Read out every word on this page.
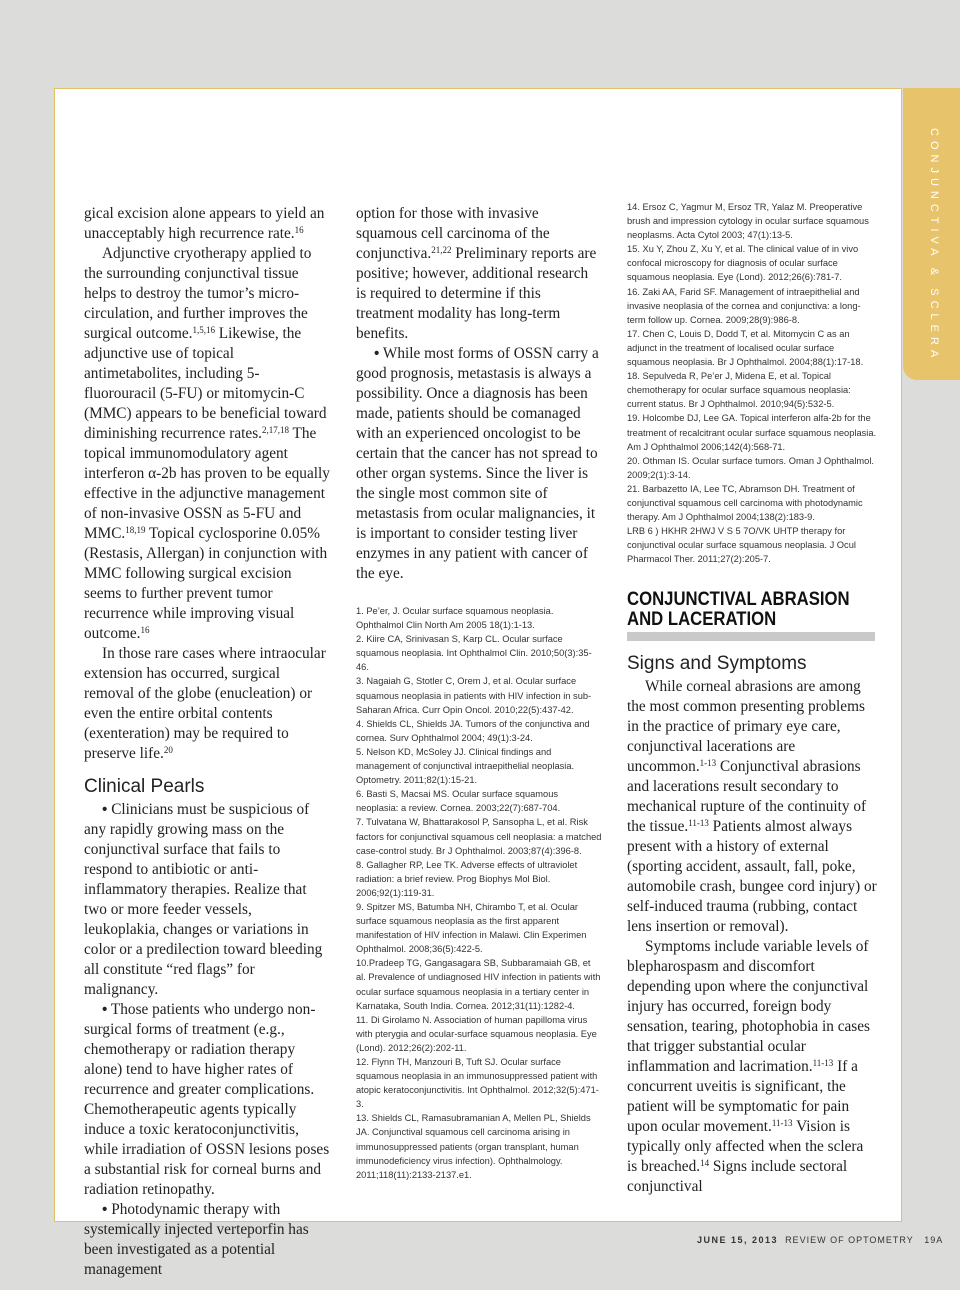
CONJUNCTIVA & SCLERA

gical excision alone appears to yield an unacceptably high recurrence rate.$^{16}$

Adjunctive cryotherapy applied to the surrounding conjunctival tissue helps to destroy the tumor’s micro-circulation, and further improves the surgical outcome.$^{1,5,16}$ Likewise, the adjunctive use of topical antimetabolites, including 5-fluorouracil (5-FU) or mitomycin-C (MMC) appears to be beneficial toward diminishing recurrence rates.$^{2,17,18}$ The topical immunomodulatory agent interferon α-2b has proven to be equally effective in the adjunctive management of non-invasive OSSN as 5-FU and MMC.$^{18,19}$ Topical cyclosporine 0.05% (Restasis, Allergan) in conjunction with MMC following surgical excision seems to further prevent tumor recurrence while improving visual outcome.$^{16}$

In those rare cases where intraocular extension has occurred, surgical removal of the globe (enucleation) or even the entire orbital contents (exenteration) may be required to preserve life.$^{20}$

Clinical Pearls

• Clinicians must be suspicious of any rapidly growing mass on the conjunctival surface that fails to respond to antibiotic or anti-inflammatory therapies. Realize that two or more feeder vessels, leukoplakia, changes or variations in color or a predilection toward bleeding all constitute “red flags” for malignancy.

• Those patients who undergo non-surgical forms of treatment (e.g., chemotherapy or radiation therapy alone) tend to have higher rates of recurrence and greater complications. Chemotherapeutic agents typically induce a toxic keratoconjunctivitis, while irradiation of OSSN lesions poses a substantial risk for corneal burns and radiation retinopathy.

• Photodynamic therapy with systemically injected verteporfin has been investigated as a potential management

option for those with invasive squamous cell carcinoma of the conjunctiva.$^{21,22}$ Preliminary reports are positive; however, additional research is required to determine if this treatment modality has long-term benefits.

• While most forms of OSSN carry a good prognosis, metastasis is always a possibility. Once a diagnosis has been made, patients should be comanaged with an experienced oncologist to be certain that the cancer has not spread to other organ systems. Since the liver is the single most common site of metastasis from ocular malignancies, it is important to consider testing liver enzymes in any patient with cancer of the eye.

1. Pe’er, J. Ocular surface squamous neoplasia. Ophthalmol Clin North Am 2005 18(1):1-13.

2. Kiire CA, Srinivasan S, Karp CL. Ocular surface squamous neoplasia. Int Ophthalmol Clin. 2010;50(3):35-46.

3. Nagaiah G, Stotler C, Orem J, et al. Ocular surface squamous neoplasia in patients with HIV infection in sub-Saharan Africa. Curr Opin Oncol. 2010;22(5):437-42.

4. Shields CL, Shields JA. Tumors of the conjunctiva and cornea. Surv Ophthalmol 2004; 49(1):3-24.

5. Nelson KD, McSoley JJ. Clinical findings and management of conjunctival intraepithelial neoplasia. Optometry. 2011;82(1):15-21.

6. Basti S, Macsai MS. Ocular surface squamous neoplasia: a review. Cornea. 2003;22(7):687-704.

7. Tulvatana W, Bhattarakosol P, Sansopha L, et al. Risk factors for conjunctival squamous cell neoplasia: a matched case-control study. Br J Ophthalmol. 2003;87(4):396-8.

8. Gallagher RP, Lee TK. Adverse effects of ultraviolet radiation: a brief review. Prog Biophys Mol Biol. 2006;92(1):119-31.

9. Spitzer MS, Batumba NH, Chirambo T, et al. Ocular surface squamous neoplasia as the first apparent manifestation of HIV infection in Malawi. Clin Experimen Ophthalmol. 2008;36(5):422-5.

10.Pradeep TG, Gangasagara SB, Subbaramaiah GB, et al. Prevalence of undiagnosed HIV infection in patients with ocular surface squamous neoplasia in a tertiary center in Karnataka, South India. Cornea. 2012;31(11):1282-4.

11. Di Girolamo N. Association of human papilloma virus with pterygia and ocular-surface squamous neoplasia. Eye (Lond). 2012;26(2):202-11.

12. Flynn TH, Manzouri B, Tuft SJ. Ocular surface squamous neoplasia in an immunosuppressed patient with atopic keratoconjunctivitis. Int Ophthalmol. 2012;32(5):471-3.

13. Shields CL, Ramasubramanian A, Mellen PL, Shields JA. Conjunctival squamous cell carcinoma arising in immunosuppressed patients (organ transplant, human immunodeficiency virus infection). Ophthalmology. 2011;118(11):2133-2137.e1.

14. Ersoz C, Yagmur M, Ersoz TR, Yalaz M. Preoperative brush and impression cytology in ocular surface squamous neoplasms. Acta Cytol 2003; 47(1):13-5.

15. Xu Y, Zhou Z, Xu Y, et al. The clinical value of in vivo confocal microscopy for diagnosis of ocular surface squamous neoplasia. Eye (Lond). 2012;26(6):781-7.

16. Zaki AA, Farid SF. Management of intraepithelial and invasive neoplasia of the cornea and conjunctiva: a long-term follow up. Cornea. 2009;28(9):986-8.

17. Chen C, Louis D, Dodd T, et al. Mitomycin C as an adjunct in the treatment of localised ocular surface squamous neoplasia. Br J Ophthalmol. 2004;88(1):17-18.

18. Sepulveda R, Pe’er J, Midena E, et al. Topical chemotherapy for ocular surface squamous neoplasia: current status. Br J Ophthalmol. 2010;94(5):532-5.

19. Holcombe DJ, Lee GA. Topical interferon alfa-2b for the treatment of recalcitrant ocular surface squamous neoplasia. Am J Ophthalmol 2006;142(4):568-71.

20. Othman IS. Ocular surface tumors. Oman J Ophthalmol. 2009;2(1):3-14.

21. Barbazetto IA, Lee TC, Abramson DH. Treatment of conjunctival squamous cell carcinoma with photodynamic therapy. Am J Ophthalmol 2004;138(2):183-9.

LRB 6 ) HKHR 2HWJ V S 5 7O/VK UHTP therapy for conjunctival ocular surface squamous neoplasia. J Ocul Pharmacol Ther. 2011;27(2):205-7.

CONJUNCTIVAL ABRASION
AND LACERATION
Signs and Symptoms

While corneal abrasions are among the most common presenting problems in the practice of primary eye care, conjunctival lacerations are uncommon.$^{1-13}$ Conjunctival abrasions and lacerations result secondary to mechanical rupture of the continuity of the tissue.$^{11-13}$ Patients almost always present with a history of external (sporting accident, assault, fall, poke, automobile crash, bungee cord injury) or self-induced trauma (rubbing, contact lens insertion or removal).

Symptoms include variable levels of blepharospasm and discomfort depending upon where the conjunctival injury has occurred, foreign body sensation, tearing, photophobia in cases that trigger substantial ocular inflammation and lacrimation.$^{11-13}$ If a concurrent uveitis is significant, the patient will be symptomatic for pain upon ocular movement.$^{11-13}$ Vision is typically only affected when the sclera is breached.$^{14}$ Signs include sectoral conjunctival

JUNE 15, 2013 REVIEW OF OPTOMETRY 19A
